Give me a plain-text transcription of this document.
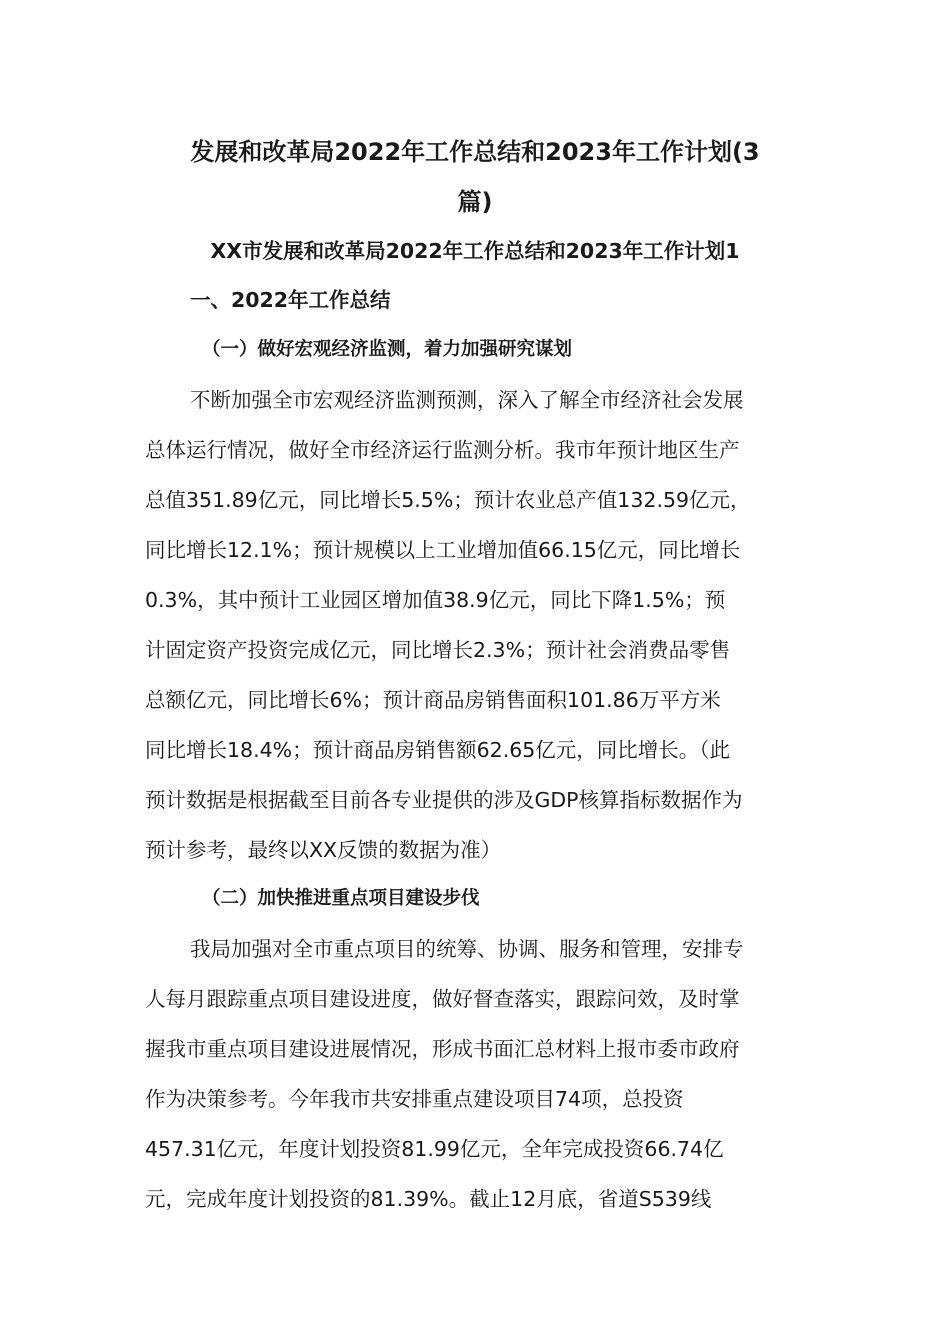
发展和改革局2022年工作总结和2023年工作计划(3
篇)
XX市发展和改革局2022年工作总结和2023年工作计划1
一、2022年工作总结
（一）做好宏观经济监测，着力加强研究谋划
不断加强全市宏观经济监测预测，深入了解全市经济社会发展
总体运行情况，做好全市经济运行监测分析。我市年预计地区生产
总值351.89亿元，同比增长5.5%；预计农业总产值132.59亿元，
同比增长12.1%；预计规模以上工业增加值66.15亿元，同比增长
0.3%，其中预计工业园区增加值38.9亿元，同比下降1.5%；预
计固定资产投资完成亿元，同比增长2.3%；预计社会消费品零售
总额亿元，同比增长6%；预计商品房销售面积101.86万平方米
同比增长18.4%；预计商品房销售额62.65亿元，同比增长。（此
预计数据是根据截至目前各专业提供的涉及GDP核算指标数据作为
预计参考，最终以XX反馈的数据为准）
（二）加快推进重点项目建设步伐
我局加强对全市重点项目的统筹、协调、服务和管理，安排专
人每月跟踪重点项目建设进度，做好督查落实，跟踪问效，及时掌
握我市重点项目建设进展情况，形成书面汇总材料上报市委市政府
作为决策参考。今年我市共安排重点建设项目74项，总投资
457.31亿元，年度计划投资81.99亿元，全年完成投资66.74亿
元，完成年度计划投资的81.39%。截止12月底，省道S539线
